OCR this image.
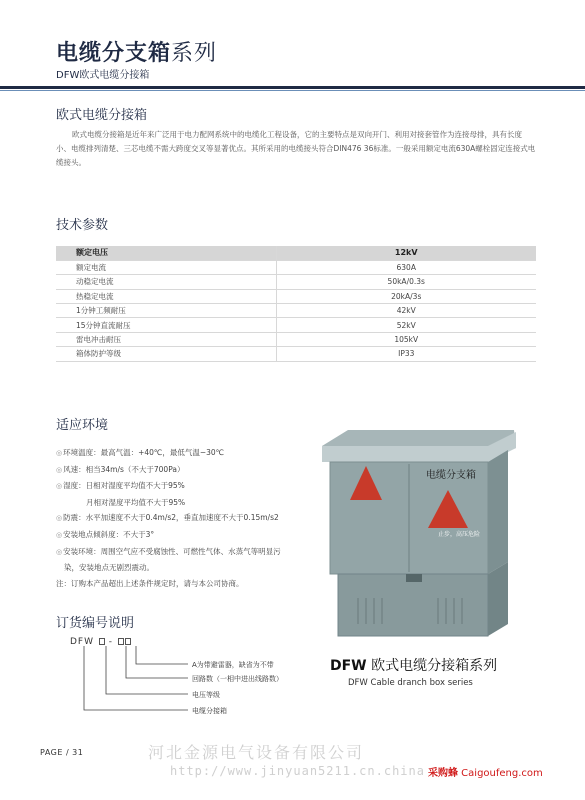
电缆分支箱系列
DFW欧式电缆分接箱
欧式电缆分接箱

欧式电缆分接箱是近年来广泛用于电力配网系统中的电缆化工程设备，它的主要特点是双向开门、利用对接套管作为连接母排，具有长度小、电缆排列清楚、三芯电缆不需大跨度交叉等显著优点。其所采用的电缆接头符合DIN476 36标准。一般采用额定电流630A螺栓固定连接式电缆接头。

技术参数
额定电压	12kV
额定电流	630A
动稳定电流	50kA/0.3s
热稳定电流	20kA/3s
1分钟工频耐压	42kV
15分钟直流耐压	52kV
雷电冲击耐压	105kV
箱体防护等级	IP33
适应环境
◎环境温度：最高气温：+40℃，最低气温−30℃
◎风速：相当34m/s（不大于700Pa）
◎湿度：日相对湿度平均值不大于95%
月相对湿度平均值不大于95%
◎防震：水平加速度不大于0.4m/s2，垂直加速度不大于0.15m/s2
◎安装地点倾斜度：不大于3°
◎安装环境：周围空气应不受腐蚀性、可燃性气体、水蒸气等明显污
染，安装地点无剧烈震动。
注：订购本产品超出上述条件规定时，请与本公司协商。
电缆分支箱
止步，高压危险
订货编号说明
DFW  -
A为带避雷器，缺省为不带
回路数（一相中进出线路数）
电压等级
电缆分接箱
DFW 欧式电缆分接箱系列
DFW Cable dranch box series
PAGE / 31	河北金源电气设备有限公司
http://www.jinyuan5211.cn.china 采购蜂 Caigoufeng.com
